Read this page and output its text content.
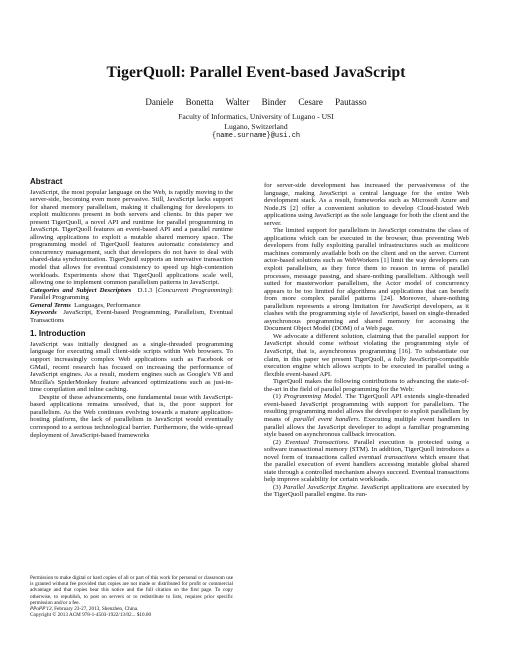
TigerQuoll: Parallel Event-based JavaScript
Daniele Bonetta Walter Binder Cesare Pautasso
Faculty of Informatics, University of Lugano - USI
Lugano, Switzerland
{name.surname}@usi.ch
Abstract

JavaScript, the most popular language on the Web, is rapidly moving to the server-side, becoming even more pervasive. Still, JavaScript lacks support for shared memory parallelism, making it challenging for developers to exploit multicores present in both servers and clients. In this paper we present TigerQuoll, a novel API and runtime for parallel programming in JavaScript. TigerQuoll features an event-based API and a parallel runtime allowing applications to exploit a mutable shared memory space. The programming model of TigerQuoll features automatic consistency and concurrency management, such that developers do not have to deal with shared-data synchronization. TigerQuoll supports an innovative transaction model that allows for eventual consistency to speed up high-contention workloads. Experiments show that TigerQuoll applications scale well, allowing one to implement common parallelism patterns in JavaScript.

Categories and Subject Descriptors D.1.3 [Concurrent Programming]: Parallel Programming

General Terms Languages, Performance

Keywords JavaScript, Event-based Programming, Parallelism, Eventual Transactions

1. Introduction

JavaScript was initially designed as a single-threaded programming language for executing small client-side scripts within Web browsers. To support increasingly complex Web applications such as Facebook or GMail, recent research has focused on increasing the performance of JavaScript engines. As a result, modern engines such as Google's V8 and Mozilla's SpiderMonkey feature advanced optimizations such as just-in-time compilation and inline caching.

Despite of these advancements, one fundamental issue with JavaScript-based applications remains unsolved, that is, the poor support for parallelism. As the Web continues evolving towards a mature application-hosting platform, the lack of parallelism in JavaScript would eventually correspond to a serious technological barrier. Furthermore, the wide-spread deployment of JavaScript-based frameworks

Permission to make digital or hard copies of all or part of this work for personal or classroom use is granted without fee provided that copies are not made or distributed for profit or commercial advantage and that copies bear this notice and the full citation on the first page. To copy otherwise, to republish, to post on servers or to redistribute to lists, requires prior specific permission and/or a fee.
PPoPP'13, February 23-27, 2013, Shenzhen, China.
Copyright © 2013 ACM 978-1-4503-1922/13/02... $10.00

for server-side development has increased the pervasiveness of the language, making JavaScript a central language for the entire Web development stack. As a result, frameworks such as Microsoft Azure and Node.JS [2] offer a convenient solution to develop Cloud-hosted Web applications using JavaScript as the sole language for both the client and the server.

The limited support for parallelism in JavaScript constrains the class of applications which can be executed in the browser, thus preventing Web developers from fully exploiting parallel infrastructures such as multicore machines commonly available both on the client and on the server. Current actor-based solutions such as WebWorkers [1] limit the way developers can exploit parallelism, as they force them to reason in terms of parallel processes, message passing, and share-nothing parallelism. Although well suited for masterworker parallelism, the Actor model of concurrency appears to be too limited for algorithms and applications that can benefit from more complex parallel patterns [24]. Moreover, share-nothing parallelism represents a strong limitation for JavaScript developers, as it clashes with the programming style of JavaScript, based on single-threaded asynchronous programming and shared memory for accessing the Document Object Model (DOM) of a Web page.

We advocate a different solution, claiming that the parallel support for JavaScript should come without violating the programming style of JavaScript, that is, asynchronous programming [16]. To substantiate our claim, in this paper we present TigerQuoll, a fully JavaScript-compatible execution engine which allows scripts to be executed in parallel using a flexible event-based API.

TigerQuoll makes the following contributions to advancing the state-of-the-art in the field of parallel programming for the Web:

(1) Programming Model. The TigerQuoll API extends single-threaded event-based JavaScript programming with support for parallelism. The resulting programming model allows the developer to exploit parallelism by means of parallel event handlers. Executing multiple event handlers in parallel allows the JavaScript developer to adopt a familiar programming style based on asynchronous callback invocation.

(2) Eventual Transactions. Parallel execution is protected using a software transactional memory (STM). In addition, TigerQuoll introduces a novel form of transactions called eventual transactions which ensure that the parallel execution of event handlers accessing mutable global shared state through a controlled mechanism always succeed. Eventual transactions help improve scalability for certain workloads.

(3) Parallel JavaScript Engine. JavaScript applications are executed by the TigerQuoll parallel engine. Its run-
